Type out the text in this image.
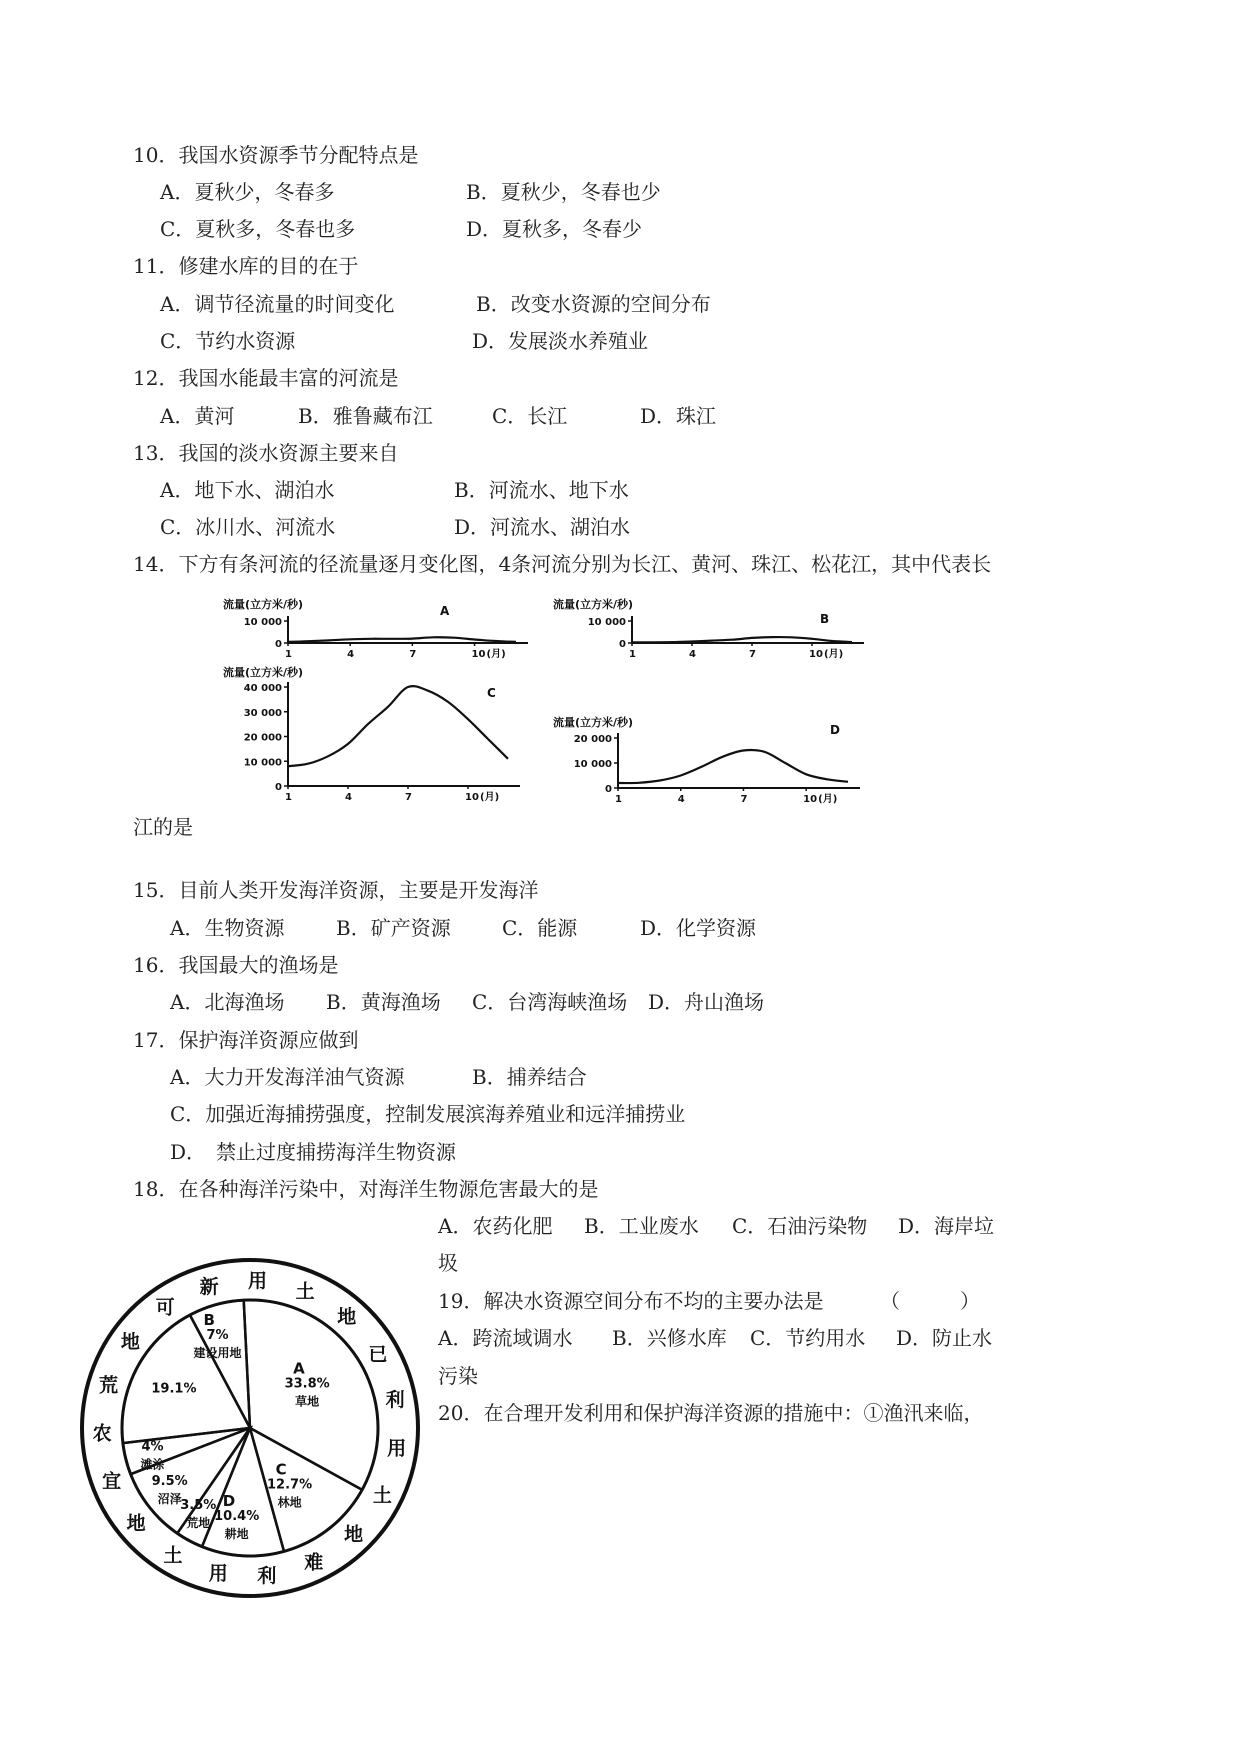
10．我国水资源季节分配特点是
A．夏秋少，冬春多	B．夏秋少，冬春也少
C．夏秋多，冬春也多	D．夏秋多，冬春少
11．修建水库的目的在于
A．调节径流量的时间变化	B．改变水资源的空间分布
C．节约水资源	D．发展淡水养殖业
12．我国水能最丰富的河流是
A．黄河	B．雅鲁藏布江	C．长江	D．珠江
13．我国的淡水资源主要来自
A．地下水、湖泊水	B．河流水、地下水
C．冰川水、河流水	D．河流水、湖泊水
14．下方有条河流的径流量逐月变化图，4条河流分别为长江、黄河、珠江、松花江，其中代表长
流量(立方米/秒)	A
0
10 000
1	4	7	10 (月)
流量(立方米/秒)
B
0
10 000
1	4	7	10 (月)
流量(立方米/秒)
C
0
10 000
20 000
30 000
40 000
1	4	7	10 (月)
流量(立方米/秒)
D
0
10 000
20 000
1	4	7	10 (月)
江的是
15．目前人类开发海洋资源，主要是开发海洋
A．生物资源	B．矿产资源	C．能源	D．化学资源
16．我国最大的渔场是
A．北海渔场 B．黄海渔场 C．台湾海峡渔场 D．舟山渔场
17．保护海洋资源应做到
A．大力开发海洋油气资源	B．捕养结合
C．加强近海捕捞强度，控制发展滨海养殖业和远洋捕捞业
D．　禁止过度捕捞海洋生物资源
18．在各种海洋污染中，对海洋生物源危害最大的是
A．农药化肥 B．工业废水 C．石油污染物 D．海岸垃
圾
19．解决水资源空间分布不均的主要办法是	（　　　）
A．跨流域调水 B．兴修水库 C．节约用水 D．防止水
污染
20．在合理开发利用和保护海洋资源的措施中：①渔汛来临，
A
33.8%
草地
C
12.7%
林地
D
10.4%
耕地
3.5%
荒地
9.5%
沼泽
4%
滩涂
19.1%
B
7%
建设用地
用 土
地
已
利
用
土
地
难
利
用
土
地
宜
农
荒
地
可
新
